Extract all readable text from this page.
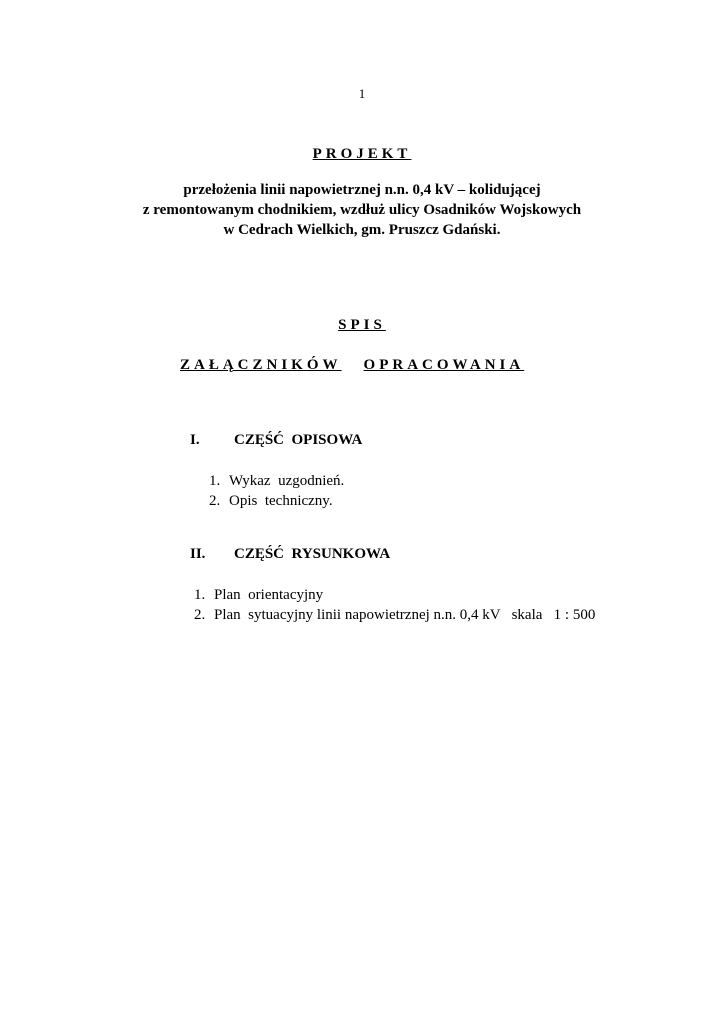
1
PROJEKT
przełożenia linii napowietrznej n.n. 0,4 kV – kolidującej
z remontowanym chodnikiem, wzdłuż ulicy Osadników Wojskowych
w Cedrach Wielkich, gm. Pruszcz Gdański.
SPIS
ZAŁĄCZNIKÓW OPRACOWANIA
I. CZĘŚĆ  OPISOWA
1. Wykaz  uzgodnień.
2. Opis  techniczny.
II. CZĘŚĆ  RYSUNKOWA
1. Plan  orientacyjny
2. Plan  sytuacyjny linii napowietrznej n.n. 0,4 kV   skala   1 : 500
